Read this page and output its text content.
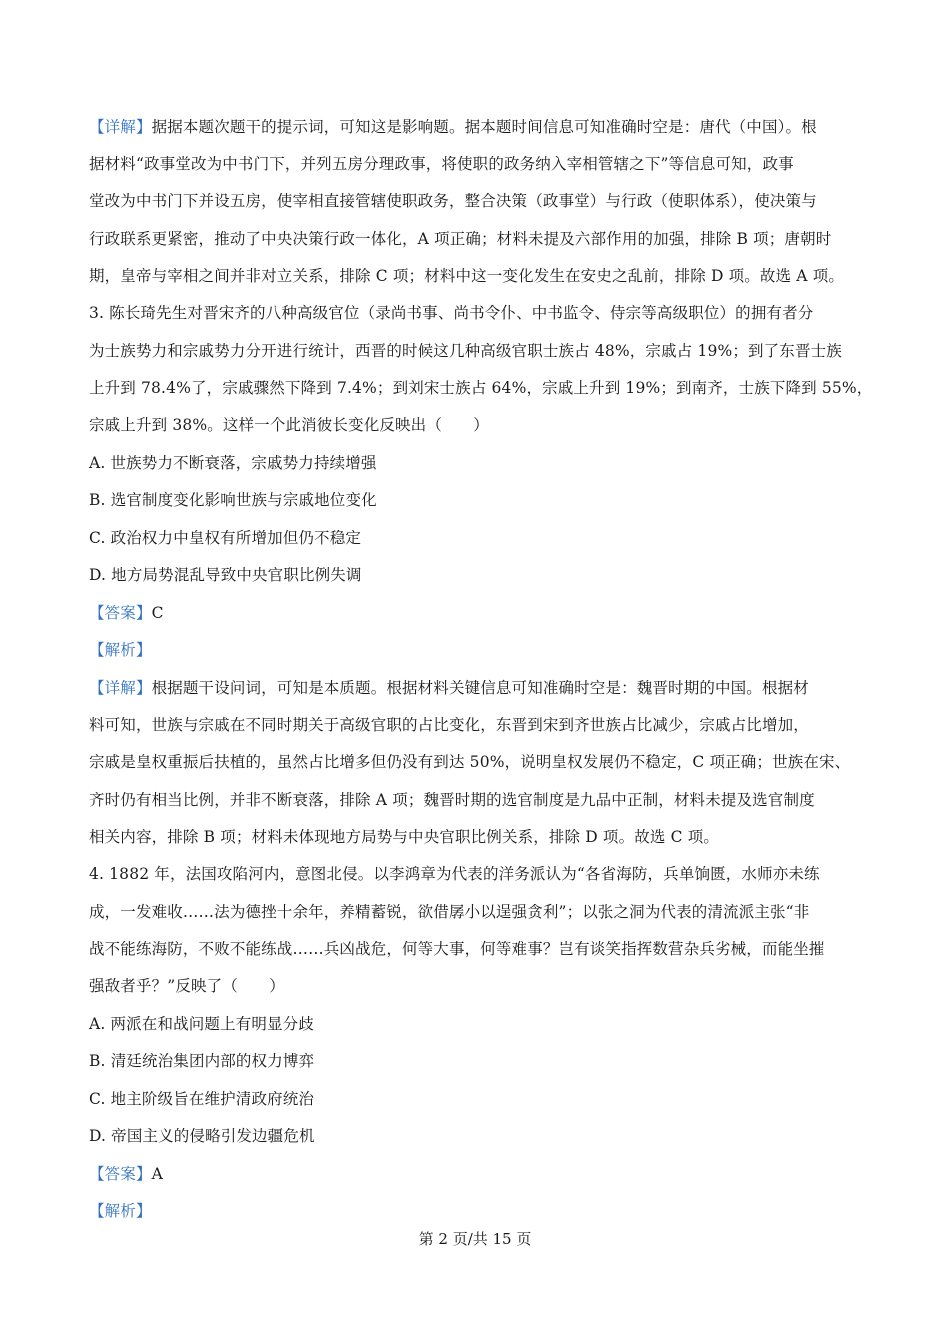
【详解】据据本题次题干的提示词，可知这是影响题。据本题时间信息可知准确时空是：唐代（中国）。根
据材料“政事堂改为中书门下，并列五房分理政事，将使职的政务纳入宰相管辖之下”等信息可知，政事
堂改为中书门下并设五房，使宰相直接管辖使职政务，整合决策（政事堂）与行政（使职体系），使决策与
行政联系更紧密，推动了中央决策行政一体化，A 项正确；材料未提及六部作用的加强，排除 B 项；唐朝时
期，皇帝与宰相之间并非对立关系，排除 C 项；材料中这一变化发生在安史之乱前，排除 D 项。故选 A 项。
3. 陈长琦先生对晋宋齐的八种高级官位（录尚书事、尚书令仆、中书监令、侍宗等高级职位）的拥有者分
为士族势力和宗戚势力分开进行统计，西晋的时候这几种高级官职士族占 48%，宗戚占 19%；到了东晋士族
上升到 78.4%了，宗戚骤然下降到 7.4%；到刘宋士族占 64%，宗戚上升到 19%；到南齐，士族下降到 55%，
宗戚上升到 38%。这样一个此消彼长变化反映出（　　）
A. 世族势力不断衰落，宗戚势力持续增强
B. 选官制度变化影响世族与宗戚地位变化
C. 政治权力中皇权有所增加但仍不稳定
D. 地方局势混乱导致中央官职比例失调
【答案】C
【解析】
【详解】根据题干设问词，可知是本质题。根据材料关键信息可知准确时空是：魏晋时期的中国。根据材
料可知，世族与宗戚在不同时期关于高级官职的占比变化，东晋到宋到齐世族占比减少，宗戚占比增加，
宗戚是皇权重振后扶植的，虽然占比增多但仍没有到达 50%，说明皇权发展仍不稳定，C 项正确；世族在宋、
齐时仍有相当比例，并非不断衰落，排除 A 项；魏晋时期的选官制度是九品中正制，材料未提及选官制度
相关内容，排除 B 项；材料未体现地方局势与中央官职比例关系，排除 D 项。故选 C 项。
4. 1882 年，法国攻陷河内，意图北侵。以李鸿章为代表的洋务派认为“各省海防，兵单饷匮，水师亦未练
成，一发难收……法为德挫十余年，养精蓄锐，欲借孱小以逞强贪利”；以张之洞为代表的清流派主张“非
战不能练海防，不败不能练战……兵凶战危，何等大事，何等难事？岂有谈笑指挥数营杂兵劣械，而能坐摧
强敌者乎？”反映了（　　）
A. 两派在和战问题上有明显分歧
B. 清廷统治集团内部的权力博弈
C. 地主阶级旨在维护清政府统治
D. 帝国主义的侵略引发边疆危机
【答案】A
【解析】
第 2 页/共 15 页
